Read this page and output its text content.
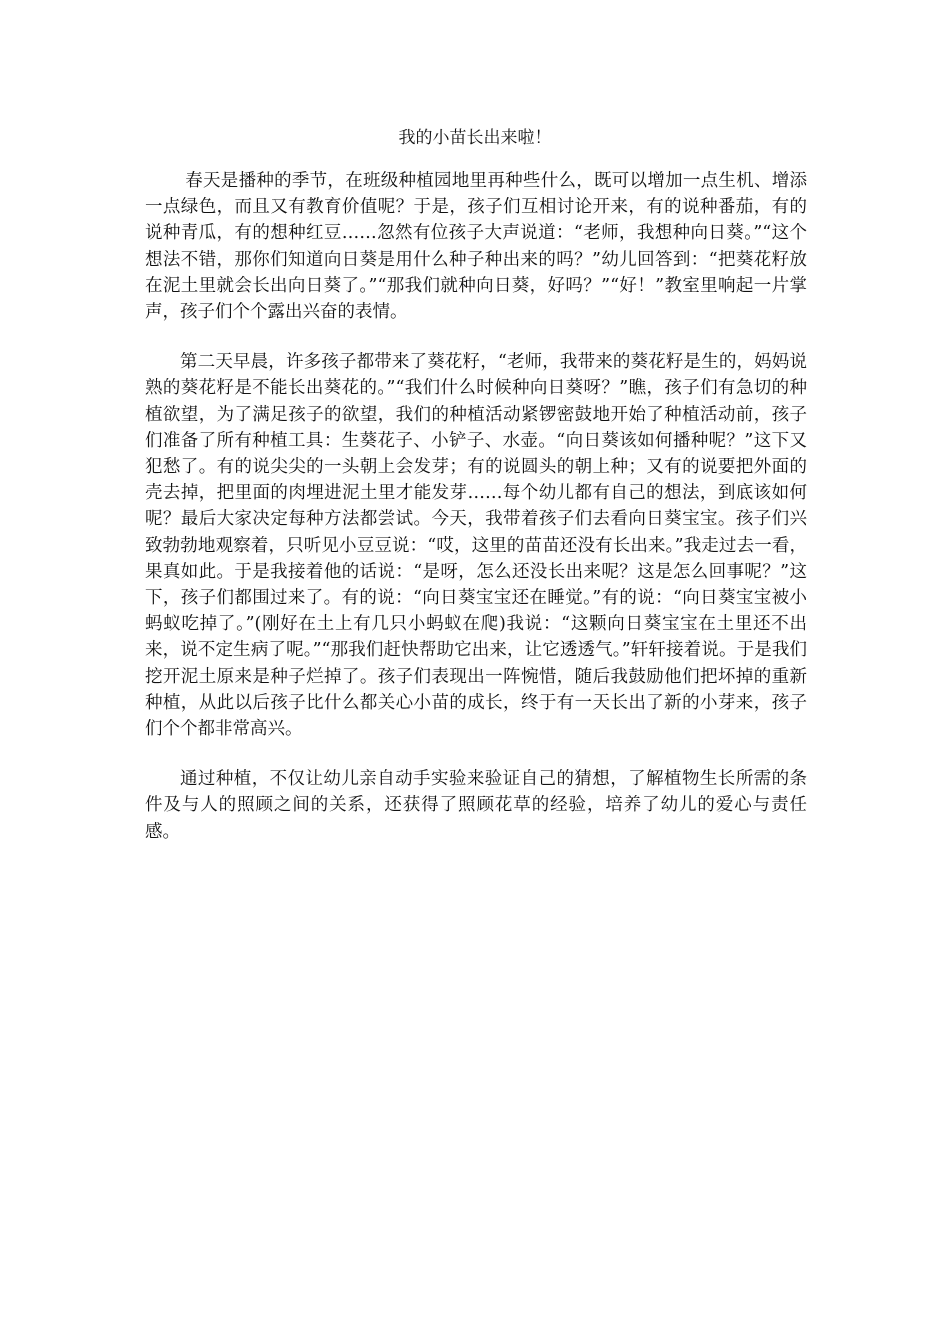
我的小苗长出来啦！

春天是播种的季节，在班级种植园地里再种些什么，既可以增加一点生机、增添一点绿色，而且又有教育价值呢？于是，孩子们互相讨论开来，有的说种番茄，有的说种青瓜，有的想种红豆……忽然有位孩子大声说道：“老师，我想种向日葵。”“这个想法不错，那你们知道向日葵是用什么种子种出来的吗？”幼儿回答到：“把葵花籽放在泥土里就会长出向日葵了。”“那我们就种向日葵，好吗？”“好！”教室里响起一片掌声，孩子们个个露出兴奋的表情。

第二天早晨，许多孩子都带来了葵花籽，“老师，我带来的葵花籽是生的，妈妈说熟的葵花籽是不能长出葵花的。”“我们什么时候种向日葵呀？”瞧，孩子们有急切的种植欲望，为了满足孩子的欲望，我们的种植活动紧锣密鼓地开始了种植活动前，孩子们准备了所有种植工具：生葵花子、小铲子、水壶。“向日葵该如何播种呢？”这下又犯愁了。有的说尖尖的一头朝上会发芽；有的说圆头的朝上种；又有的说要把外面的壳去掉，把里面的肉埋进泥土里才能发芽……每个幼儿都有自己的想法，到底该如何呢？最后大家决定每种方法都尝试。今天，我带着孩子们去看向日葵宝宝。孩子们兴致勃勃地观察着，只听见小豆豆说：“哎，这里的苗苗还没有长出来。”我走过去一看，果真如此。于是我接着他的话说：“是呀，怎么还没长出来呢？这是怎么回事呢？”这下，孩子们都围过来了。有的说：“向日葵宝宝还在睡觉。”有的说：“向日葵宝宝被小蚂蚁吃掉了。”(刚好在土上有几只小蚂蚁在爬)我说：“这颗向日葵宝宝在土里还不出来，说不定生病了呢。”“那我们赶快帮助它出来，让它透透气。”轩轩接着说。于是我们挖开泥土原来是种子烂掉了。孩子们表现出一阵惋惜，随后我鼓励他们把坏掉的重新种植，从此以后孩子比什么都关心小苗的成长，终于有一天长出了新的小芽来，孩子们个个都非常高兴。

通过种植，不仅让幼儿亲自动手实验来验证自己的猜想，了解植物生长所需的条件及与人的照顾之间的关系，还获得了照顾花草的经验，培养了幼儿的爱心与责任感。
